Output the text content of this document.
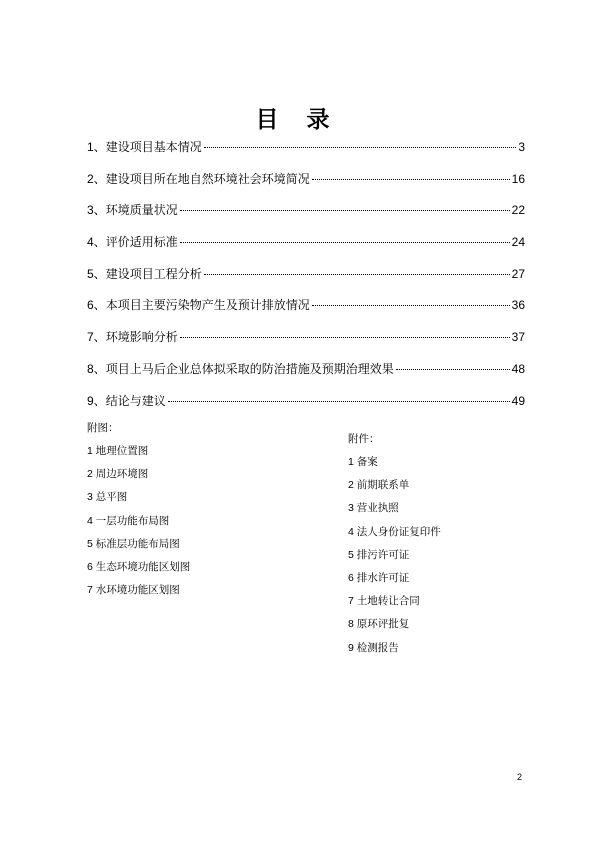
目 录
1、 建设项目基本情况	3
2、 建设项目所在地自然环境社会环境简况	16
3、 环境质量状况	22
4、 评价适用标准	24
5、 建设项目工程分析	27
6、 本项目主要污染物产生及预计排放情况	36
7、 环境影响分析	37
8、 项目上马后企业总体拟采取的防治措施及预期治理效果	48
9、 结论与建议	49
附图：
1 地理位置图
2 周边环境图
3 总平图
4 一层功能布局图
5 标准层功能布局图
6 生态环境功能区划图
7 水环境功能区划图
附件：
1 备案
2 前期联系单
3 营业执照
4 法人身份证复印件
5 排污许可证
6 排水许可证
7 土地转让合同
8 原环评批复
9 检测报告
2
